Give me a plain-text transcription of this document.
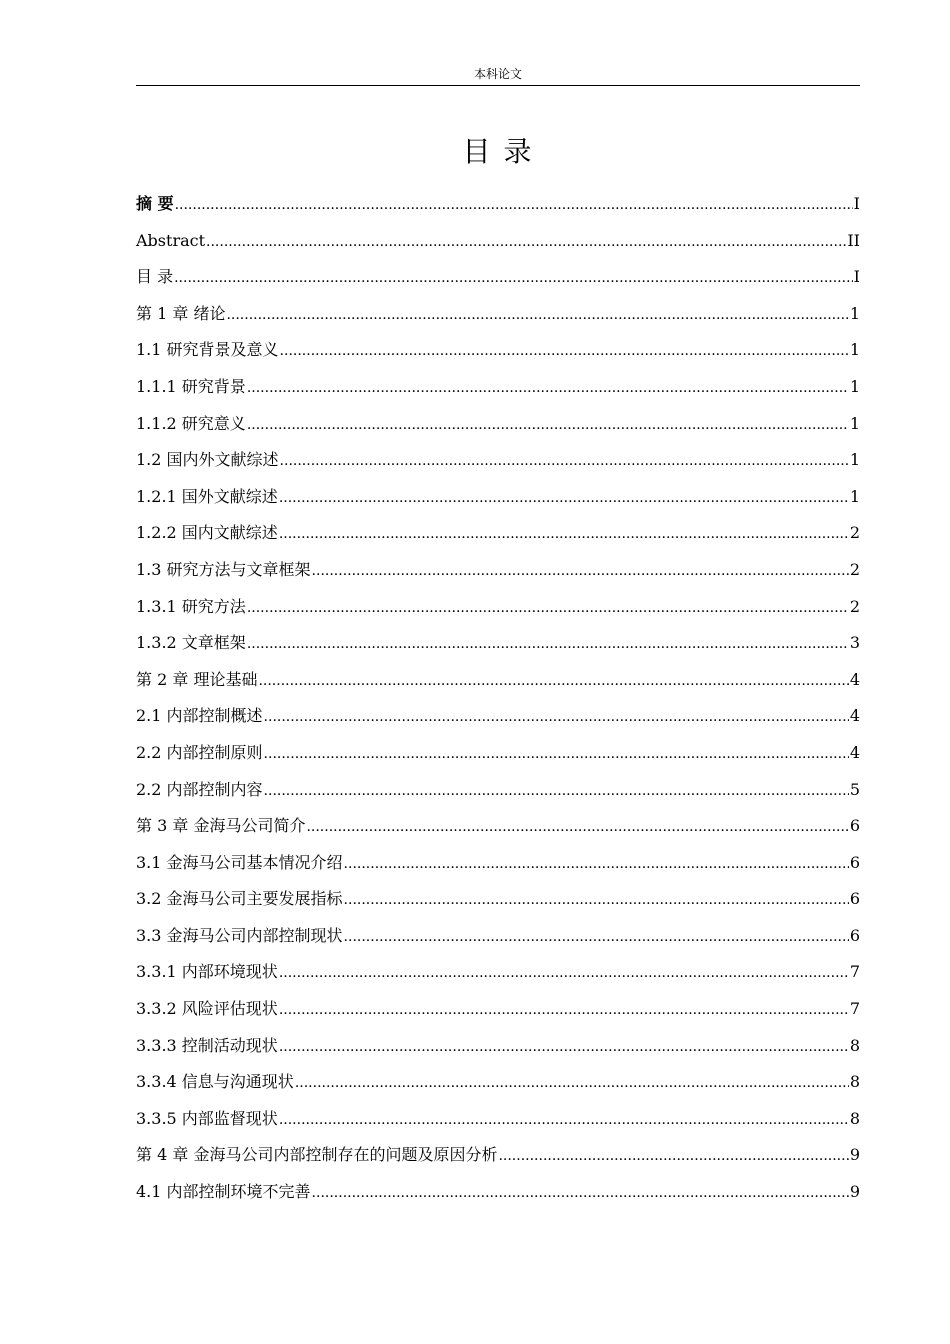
本科论文
目 录
摘 要 .....	I
Abstract .....	II
目 录 .....	I
第 1 章 绪论 .....	1
1.1 研究背景及意义 .....	1
1.1.1 研究背景 .....	1
1.1.2 研究意义 .....	1
1.2 国内外文献综述 .....	1
1.2.1 国外文献综述 .....	1
1.2.2 国内文献综述 .....	2
1.3 研究方法与文章框架 .....	2
1.3.1 研究方法 .....	2
1.3.2 文章框架 .....	3
第 2 章 理论基础 .....	4
2.1 内部控制概述 .....	4
2.2 内部控制原则 .....	4
2.2 内部控制内容 .....	5
第 3 章 金海马公司简介 .....	6
3.1 金海马公司基本情况介绍 .....	6
3.2 金海马公司主要发展指标 .....	6
3.3 金海马公司内部控制现状 .....	6
3.3.1 内部环境现状 .....	7
3.3.2 风险评估现状 .....	7
3.3.3 控制活动现状 .....	8
3.3.4 信息与沟通现状 .....	8
3.3.5 内部监督现状 .....	8
第 4 章 金海马公司内部控制存在的问题及原因分析 .....	9
4.1 内部控制环境不完善 .....	9
